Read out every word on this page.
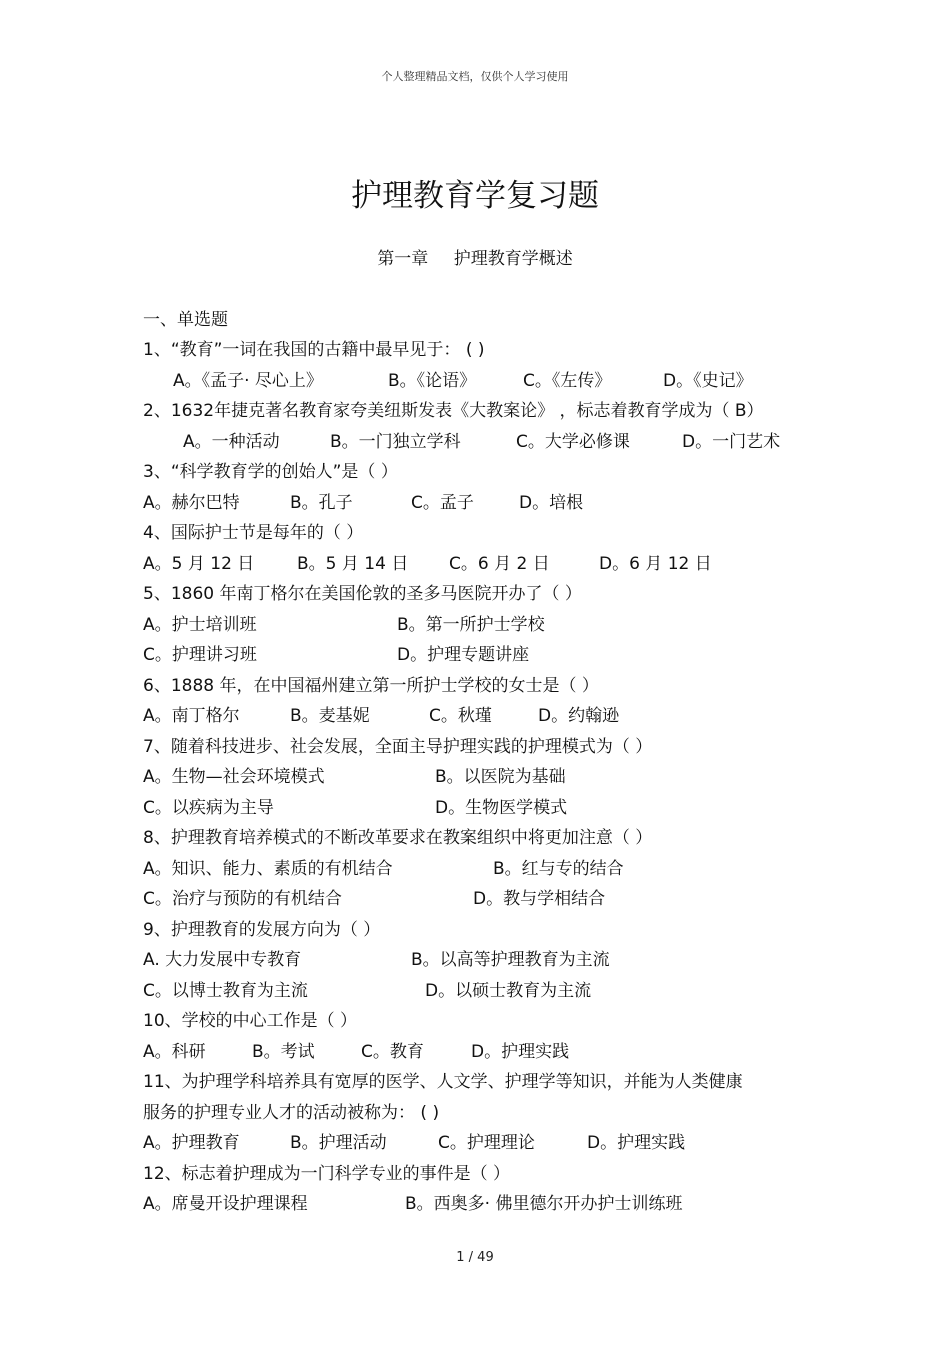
个人整理精品文档，仅供个人学习使用
护理教育学复习题
第一章 护理教育学概述
一、单选题
1、“教育”一词在我国的古籍中最早见于： ( )
A。《孟子· 尽心上》	B。《论语》	C。《左传》	D。《史记》
2、1632年捷克著名教育家夸美纽斯发表《大教案论》 ，标志着教育学成为（ B）
A。一种活动	B。一门独立学科	C。大学必修课	D。一门艺术
3、“科学教育学的创始人”是（ ）
A。赫尔巴特	B。孔子	C。孟子	D。培根
4、国际护士节是每年的（ ）
A。5 月 12 日	B。5 月 14 日 C。6 月 2 日	D。6 月 12 日
5、1860 年南丁格尔在美国伦敦的圣多马医院开办了（ ）
A。护士培训班	B。第一所护士学校
C。护理讲习班	D。护理专题讲座
6、1888 年，在中国福州建立第一所护士学校的女士是（ ）
A。南丁格尔	B。麦基妮	C。秋瑾	D。约翰逊
7、随着科技进步、社会发展，全面主导护理实践的护理模式为（ ）
A。生物—社会环境模式	B。以医院为基础
C。以疾病为主导	D。生物医学模式
8、护理教育培养模式的不断改革要求在教案组织中将更加注意（ ）
A。知识、能力、素质的有机结合	B。红与专的结合
C。治疗与预防的有机结合	D。教与学相结合
9、护理教育的发展方向为（ ）
A. 大力发展中专教育	B。以高等护理教育为主流
C。以博士教育为主流	D。以硕士教育为主流
10、学校的中心工作是（ ）
A。科研	B。考试	C。教育	D。护理实践
11、为护理学科培养具有宽厚的医学、人文学、护理学等知识，并能为人类健康
服务的护理专业人才的活动被称为： ( )
A。护理教育	B。护理活动	C。护理理论	D。护理实践
12、标志着护理成为一门科学专业的事件是（ ）
A。席曼开设护理课程	B。西奥多· 佛里德尔开办护士训练班
1 / 49
